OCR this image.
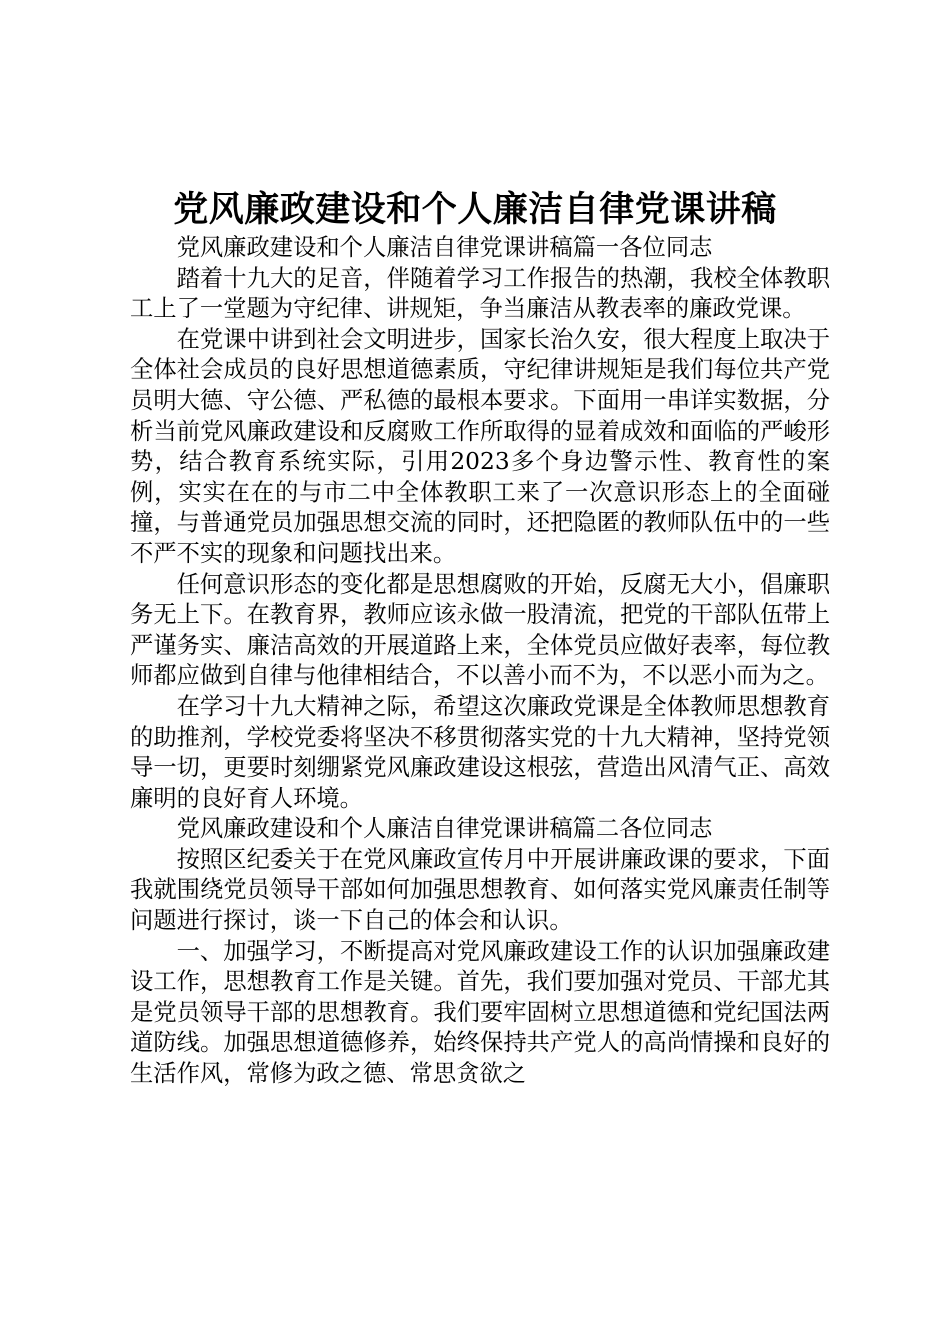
党风廉政建设和个人廉洁自律党课讲稿

党风廉政建设和个人廉洁自律党课讲稿篇一各位同志

踏着十九大的足音，伴随着学习工作报告的热潮，我校全体教职工上了一堂题为守纪律、讲规矩，争当廉洁从教表率的廉政党课。

在党课中讲到社会文明进步，国家长治久安，很大程度上取决于全体社会成员的良好思想道德素质，守纪律讲规矩是我们每位共产党员明大德、守公德、严私德的最根本要求。下面用一串详实数据，分析当前党风廉政建设和反腐败工作所取得的显着成效和面临的严峻形势，结合教育系统实际，引用2023多个身边警示性、教育性的案例，实实在在的与市二中全体教职工来了一次意识形态上的全面碰撞，与普通党员加强思想交流的同时，还把隐匿的教师队伍中的一些不严不实的现象和问题找出来。

任何意识形态的变化都是思想腐败的开始，反腐无大小，倡廉职务无上下。在教育界，教师应该永做一股清流，把党的干部队伍带上严谨务实、廉洁高效的开展道路上来，全体党员应做好表率，每位教师都应做到自律与他律相结合，不以善小而不为，不以恶小而为之。

在学习十九大精神之际，希望这次廉政党课是全体教师思想教育的助推剂，学校党委将坚决不移贯彻落实党的十九大精神，坚持党领导一切，更要时刻绷紧党风廉政建设这根弦，营造出风清气正、高效廉明的良好育人环境。

党风廉政建设和个人廉洁自律党课讲稿篇二各位同志

按照区纪委关于在党风廉政宣传月中开展讲廉政课的要求，下面我就围绕党员领导干部如何加强思想教育、如何落实党风廉责任制等问题进行探讨，谈一下自己的体会和认识。

一、加强学习，不断提高对党风廉政建设工作的认识加强廉政建设工作，思想教育工作是关键。首先，我们要加强对党员、干部尤其是党员领导干部的思想教育。我们要牢固树立思想道德和党纪国法两道防线。加强思想道德修养，始终保持共产党人的高尚情操和良好的生活作风，常修为政之德、常思贪欲之
